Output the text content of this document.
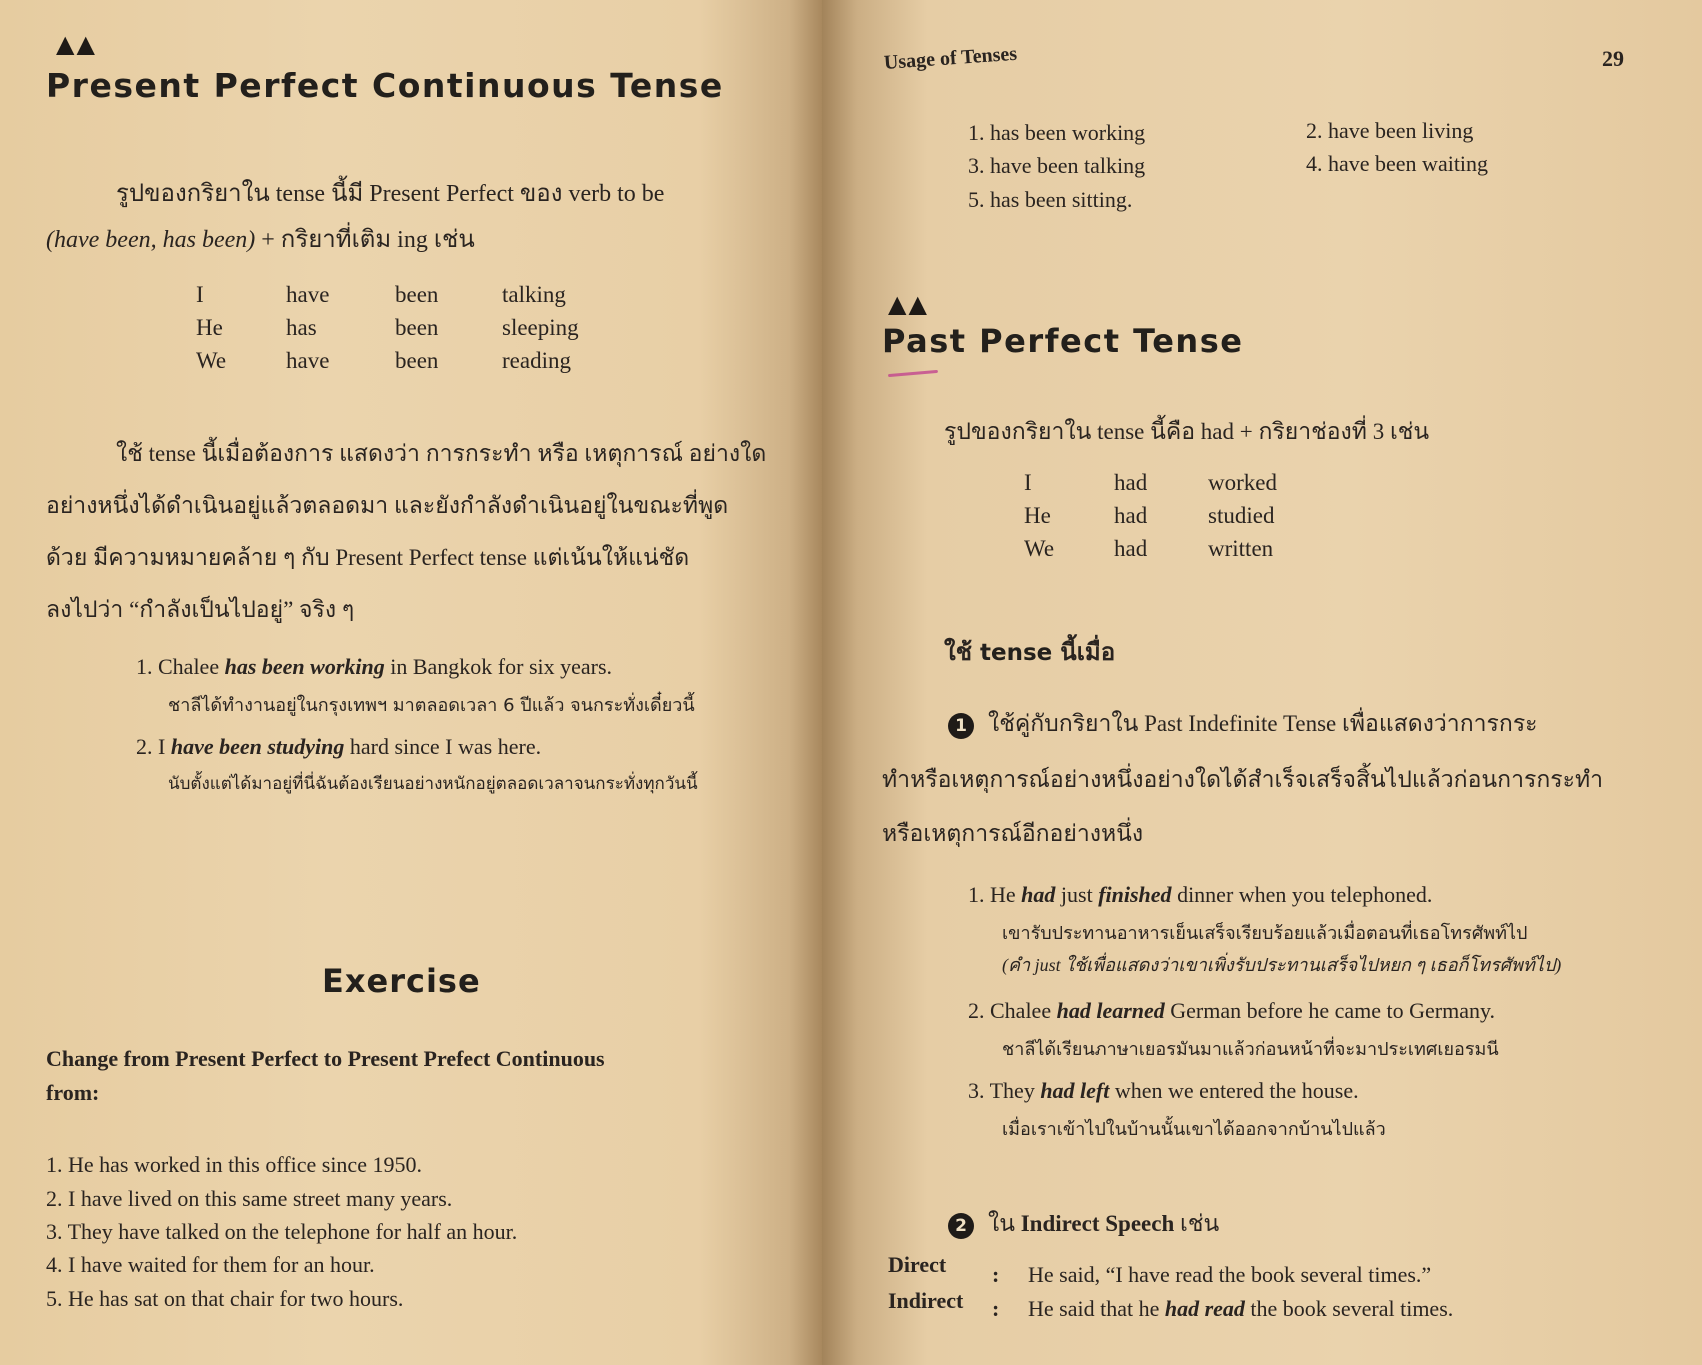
▲▲
Present Perfect Continuous Tense
รูปของกริยาใน tense นี้มี Present Perfect ของ verb to be
(have been, has been) + กริยาที่เติม ing เช่น
I	have	been	talking
He	has	been	sleeping
We	have	been	reading
ใช้ tense นี้เมื่อต้องการ แสดงว่า การกระทำ หรือ เหตุการณ์ อย่างใด
อย่างหนึ่งได้ดำเนินอยู่แล้วตลอดมา และยังกำลังดำเนินอยู่ในขณะที่พูด
ด้วย มีความหมายคล้าย ๆ กับ Present Perfect tense แต่เน้นให้แน่ชัด
ลงไปว่า “กำลังเป็นไปอยู่” จริง ๆ
1. Chalee has been working in Bangkok for six years.
ชาลีได้ทำงานอยู่ในกรุงเทพฯ มาตลอดเวลา 6 ปีแล้ว จนกระทั่งเดี๋ยวนี้
2. I have been studying hard since I was here.
นับตั้งแต่ได้มาอยู่ที่นี่ฉันต้องเรียนอย่างหนักอยู่ตลอดเวลาจนกระทั่งทุกวันนี้
Exercise
Change from Present Perfect to Present Prefect Continuous
from:
1. He has worked in this office since 1950.
2. I have lived on this same street many years.
3. They have talked on the telephone for half an hour.
4. I have waited for them for an hour.
5. He has sat on that chair for two hours.
Usage of Tenses	29
1. has been working	2. have been living
3. have been talking	4. have been waiting
5. has been sitting.
▲▲
Past Perfect Tense
รูปของกริยาใน tense นี้คือ had + กริยาช่องที่ 3 เช่น
I	had	worked
He	had	studied
We	had	written
ใช้ tense นี้เมื่อ
1 ใช้คู่กับกริยาใน Past Indefinite Tense เพื่อแสดงว่าการกระ
ทำหรือเหตุการณ์อย่างหนึ่งอย่างใดได้สำเร็จเสร็จสิ้นไปแล้วก่อนการกระทำ
หรือเหตุการณ์อีกอย่างหนึ่ง
1. He had just finished dinner when you telephoned.
เขารับประทานอาหารเย็นเสร็จเรียบร้อยแล้วเมื่อตอนที่เธอโทรศัพท์ไป
(คำ just ใช้เพื่อแสดงว่าเขาเพิ่งรับประทานเสร็จไปหยก ๆ เธอก็โทรศัพท์ไป)
2. Chalee had learned German before he came to Germany.
ชาลีได้เรียนภาษาเยอรมันมาแล้วก่อนหน้าที่จะมาประเทศเยอรมนี
3. They had left when we entered the house.
เมื่อเราเข้าไปในบ้านนั้นเขาได้ออกจากบ้านไปแล้ว
2 ใน Indirect Speech เช่น
Direct : He said, “I have read the book several times.”
Indirect : He said that he had read the book several times.
